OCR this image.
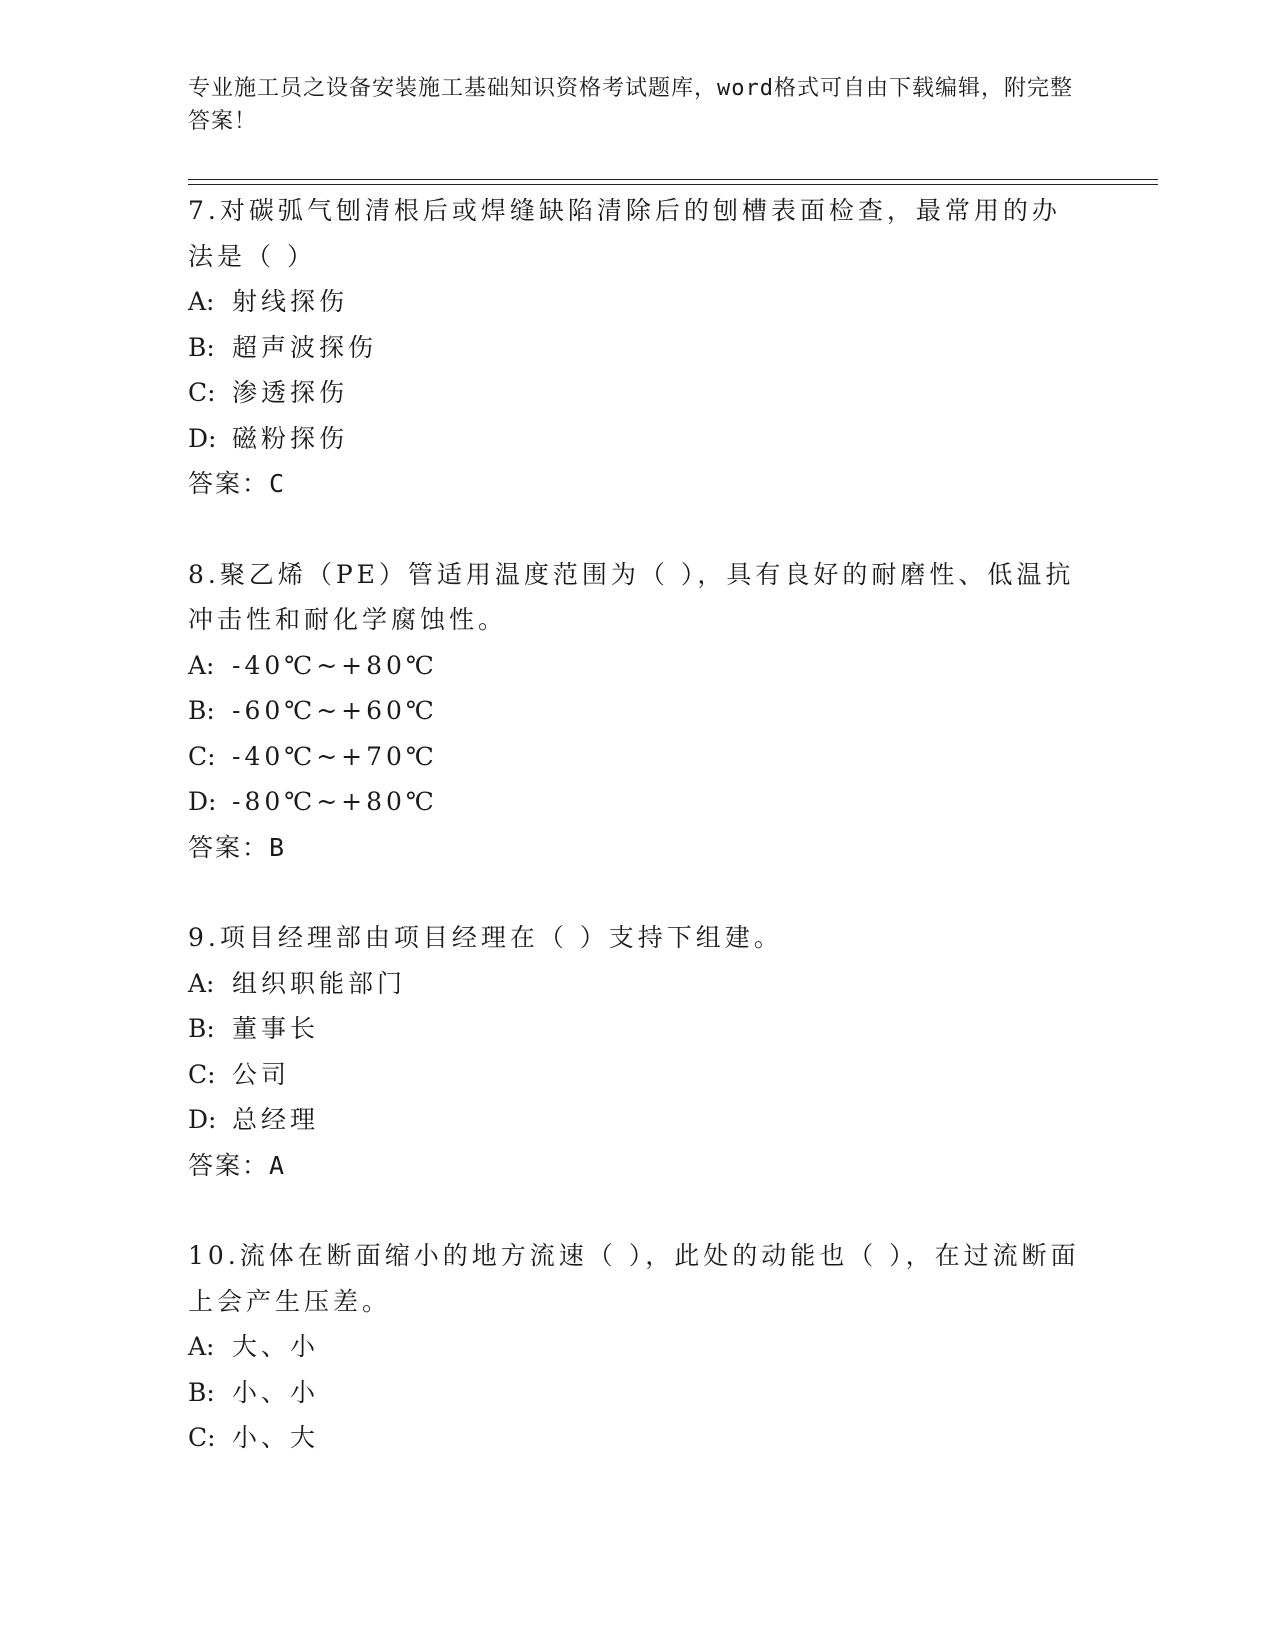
专业施工员之设备安装施工基础知识资格考试题库，word格式可自由下载编辑，附完整答案！
7.对碳弧气刨清根后或焊缝缺陷清除后的刨槽表面检查，最常用的办法是（ ）
A: 射线探伤
B: 超声波探伤
C: 渗透探伤
D: 磁粉探伤
答案：C
8.聚乙烯（PE）管适用温度范围为（ ），具有良好的耐磨性、低温抗冲击性和耐化学腐蚀性。
A: -40℃~+80℃
B: -60℃~+60℃
C: -40℃~+70℃
D: -80℃~+80℃
答案：B
9.项目经理部由项目经理在（ ）支持下组建。
A: 组织职能部门
B: 董事长
C: 公司
D: 总经理
答案：A
10.流体在断面缩小的地方流速（ ），此处的动能也（ ），在过流断面上会产生压差。
A: 大、小
B: 小、小
C: 小、大
